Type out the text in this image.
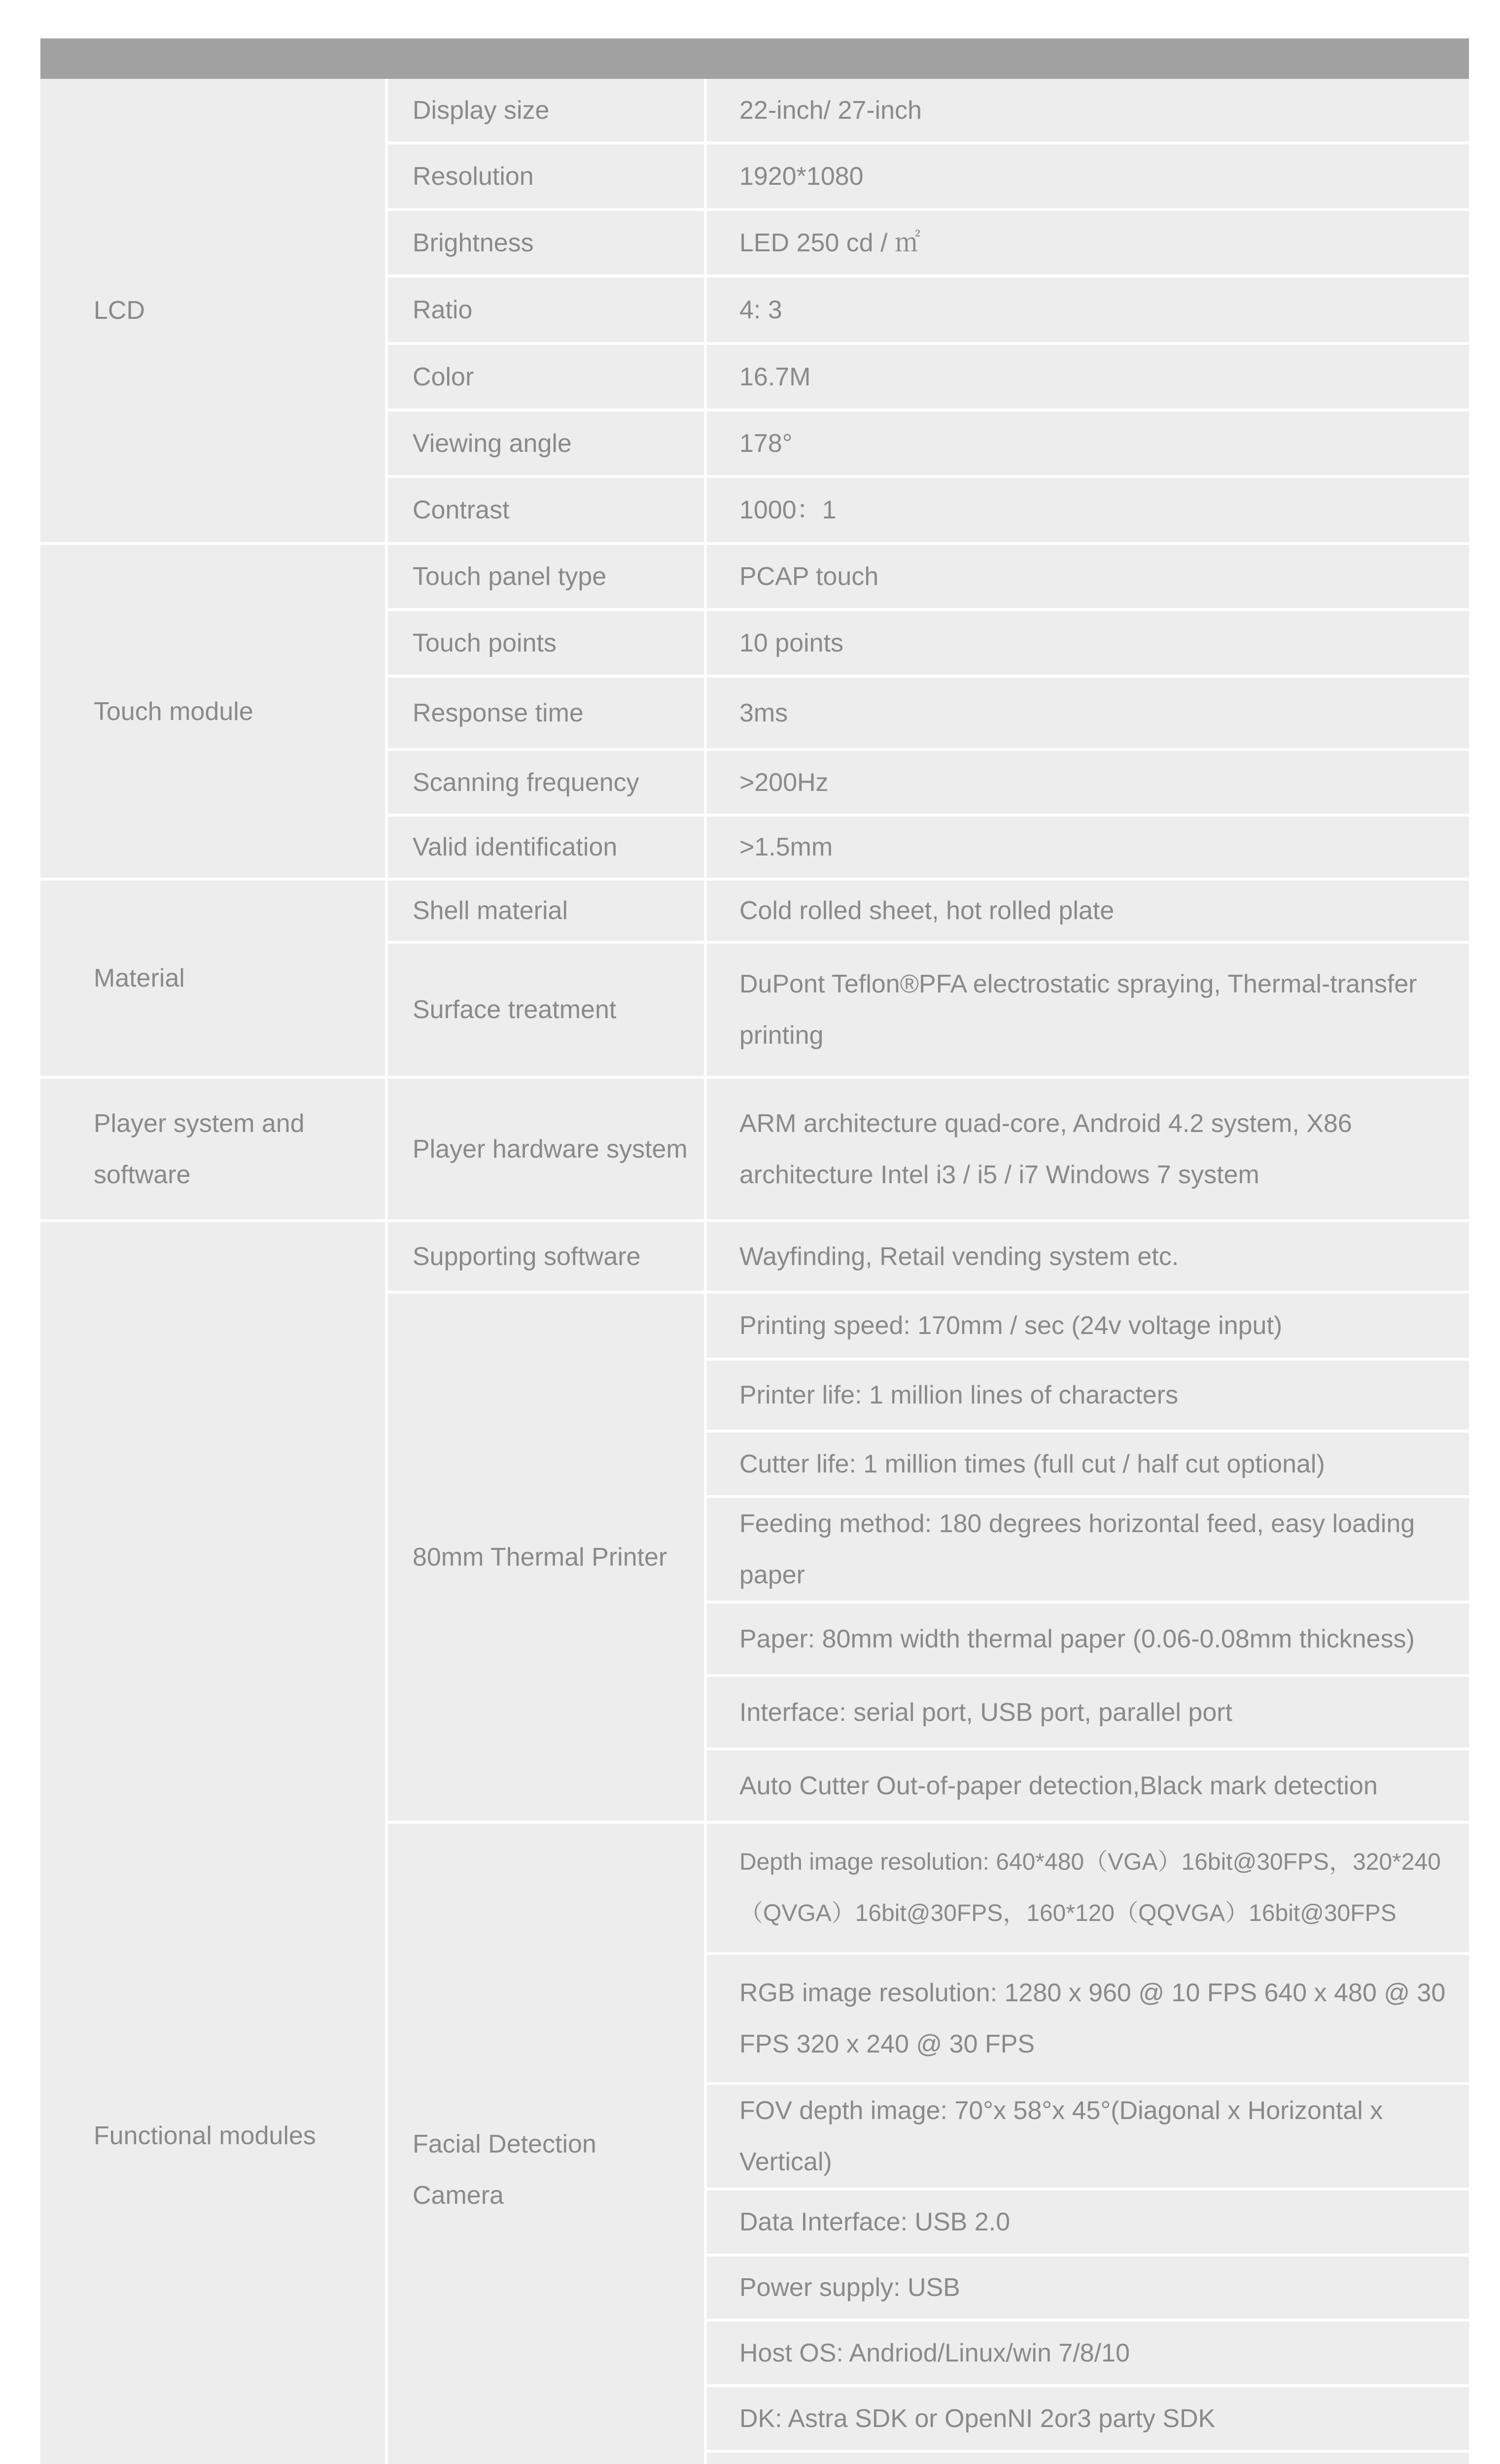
LCD	Display size	22-inch/ 27-inch
	Resolution	1920*1080
	Brightness	LED 250 cd / ㎡
	Ratio	4: 3
	Color	16.7M
	Viewing angle	178°
	Contrast	1000：1
Touch module	Touch panel type	PCAP touch
	Touch points	10 points
	Response time	3ms
	Scanning frequency	>200Hz
	Valid identification	>1.5mm
Material	Shell material	Cold rolled sheet, hot rolled plate
	Surface treatment	DuPont Teflon®PFA electrostatic spraying, Thermal-transfer printing
Player system and software	Player hardware system	ARM architecture quad-core, Android 4.2 system, X86 architecture Intel i3 / i5 / i7 Windows 7 system
Functional modules	Supporting software	Wayfinding, Retail vending system etc.
	80mm Thermal Printer	Printing speed: 170mm / sec (24v voltage input)
		Printer life: 1 million lines of characters
		Cutter life: 1 million times (full cut / half cut optional)
		Feeding method: 180 degrees horizontal feed, easy loading paper
		Paper: 80mm width thermal paper (0.06-0.08mm thickness)
		Interface: serial port, USB port, parallel port
		Auto Cutter Out-of-paper detection,Black mark detection
	Facial Detection Camera	Depth image resolution: 640*480（VGA）16bit@30FPS，320*240（QVGA）16bit@30FPS，160*120（QQVGA）16bit@30FPS
		RGB image resolution: 1280 x 960 @ 10 FPS 640 x 480 @ 30 FPS 320 x 240 @ 30 FPS
		FOV depth image: 70°x 58°x 45°(Diagonal x Horizontal x Vertical)
		Data Interface: USB 2.0
		Power supply: USB
		Host OS: Andriod/Linux/win 7/8/10
		DK: Astra SDK or OpenNI 2or3 party SDK
